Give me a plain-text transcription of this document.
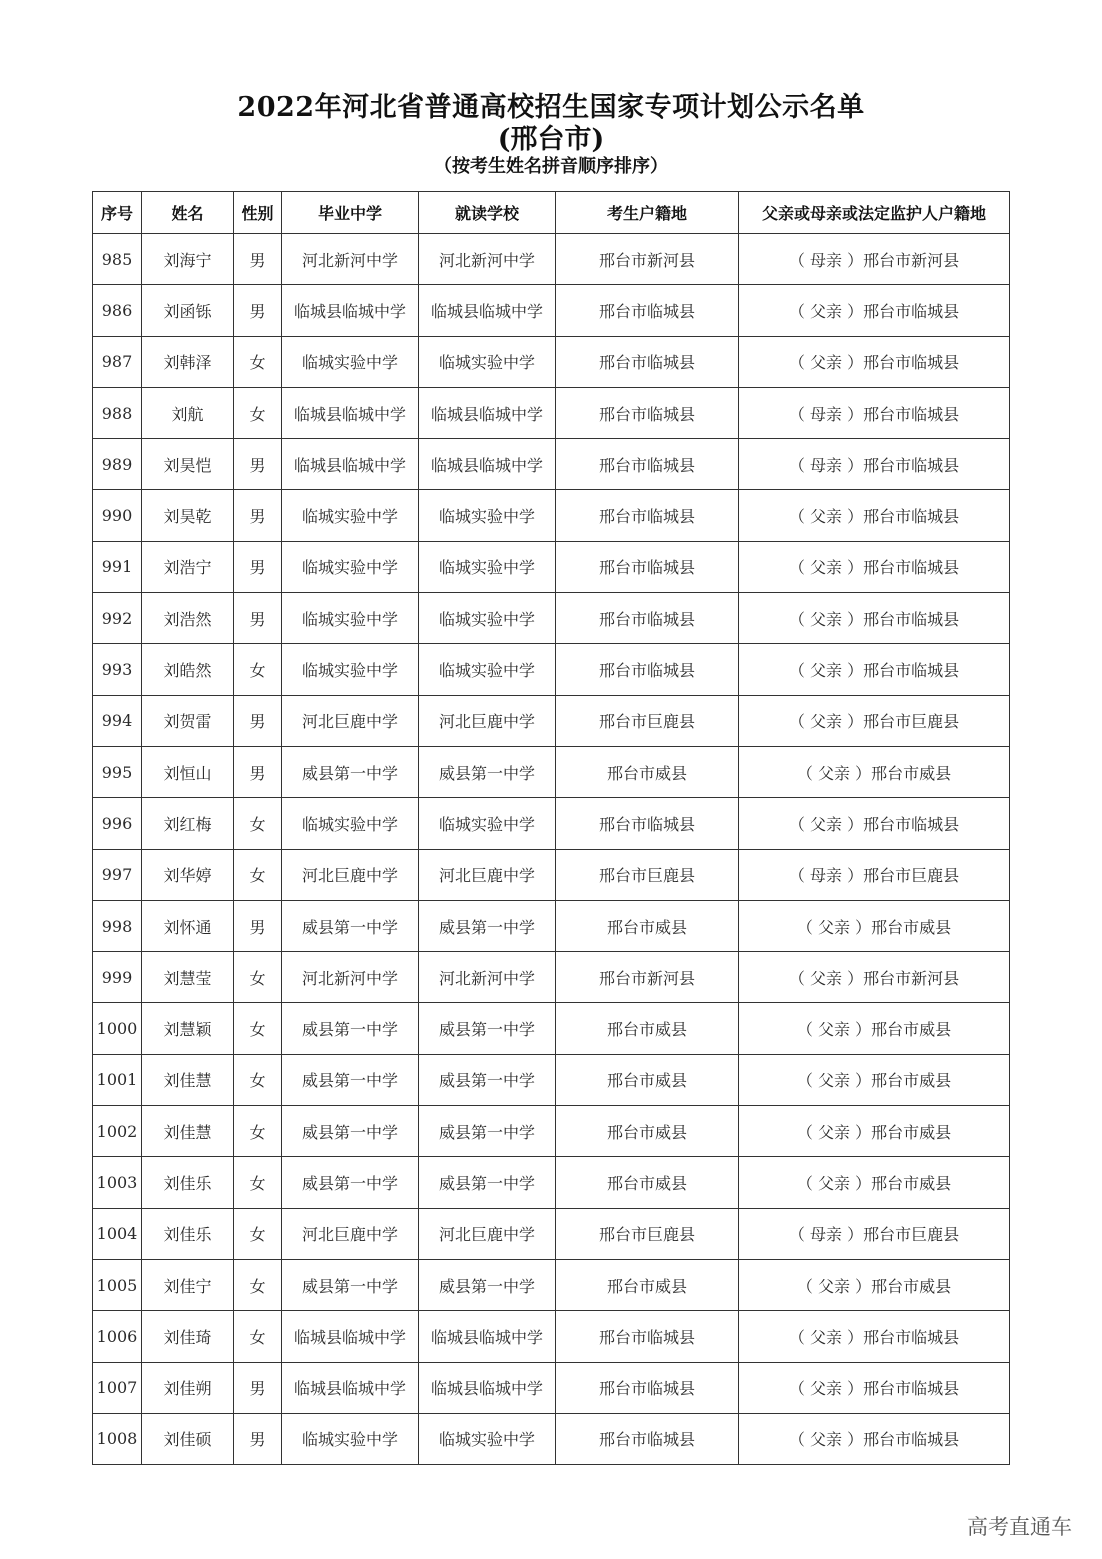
2022年河北省普通高校招生国家专项计划公示名单
(邢台市)
（按考生姓名拼音顺序排序）
序号	姓名	性别	毕业中学	就读学校	考生户籍地	父亲或母亲或法定监护人户籍地
985	刘海宁	男	河北新河中学	河北新河中学	邢台市新河县	（ 母亲 ）邢台市新河县
986	刘函铄	男	临城县临城中学	临城县临城中学	邢台市临城县	（ 父亲 ）邢台市临城县
987	刘韩泽	女	临城实验中学	临城实验中学	邢台市临城县	（ 父亲 ）邢台市临城县
988	刘航	女	临城县临城中学	临城县临城中学	邢台市临城县	（ 母亲 ）邢台市临城县
989	刘昊恺	男	临城县临城中学	临城县临城中学	邢台市临城县	（ 母亲 ）邢台市临城县
990	刘昊乾	男	临城实验中学	临城实验中学	邢台市临城县	（ 父亲 ）邢台市临城县
991	刘浩宁	男	临城实验中学	临城实验中学	邢台市临城县	（ 父亲 ）邢台市临城县
992	刘浩然	男	临城实验中学	临城实验中学	邢台市临城县	（ 父亲 ）邢台市临城县
993	刘皓然	女	临城实验中学	临城实验中学	邢台市临城县	（ 父亲 ）邢台市临城县
994	刘贺雷	男	河北巨鹿中学	河北巨鹿中学	邢台市巨鹿县	（ 父亲 ）邢台市巨鹿县
995	刘恒山	男	威县第一中学	威县第一中学	邢台市威县	（ 父亲 ）邢台市威县
996	刘红梅	女	临城实验中学	临城实验中学	邢台市临城县	（ 父亲 ）邢台市临城县
997	刘华婷	女	河北巨鹿中学	河北巨鹿中学	邢台市巨鹿县	（ 母亲 ）邢台市巨鹿县
998	刘怀通	男	威县第一中学	威县第一中学	邢台市威县	（ 父亲 ）邢台市威县
999	刘慧莹	女	河北新河中学	河北新河中学	邢台市新河县	（ 父亲 ）邢台市新河县
1000	刘慧颖	女	威县第一中学	威县第一中学	邢台市威县	（ 父亲 ）邢台市威县
1001	刘佳慧	女	威县第一中学	威县第一中学	邢台市威县	（ 父亲 ）邢台市威县
1002	刘佳慧	女	威县第一中学	威县第一中学	邢台市威县	（ 父亲 ）邢台市威县
1003	刘佳乐	女	威县第一中学	威县第一中学	邢台市威县	（ 父亲 ）邢台市威县
1004	刘佳乐	女	河北巨鹿中学	河北巨鹿中学	邢台市巨鹿县	（ 母亲 ）邢台市巨鹿县
1005	刘佳宁	女	威县第一中学	威县第一中学	邢台市威县	（ 父亲 ）邢台市威县
1006	刘佳琦	女	临城县临城中学	临城县临城中学	邢台市临城县	（ 父亲 ）邢台市临城县
1007	刘佳朔	男	临城县临城中学	临城县临城中学	邢台市临城县	（ 父亲 ）邢台市临城县
1008	刘佳硕	男	临城实验中学	临城实验中学	邢台市临城县	（ 父亲 ）邢台市临城县
高考直通车
